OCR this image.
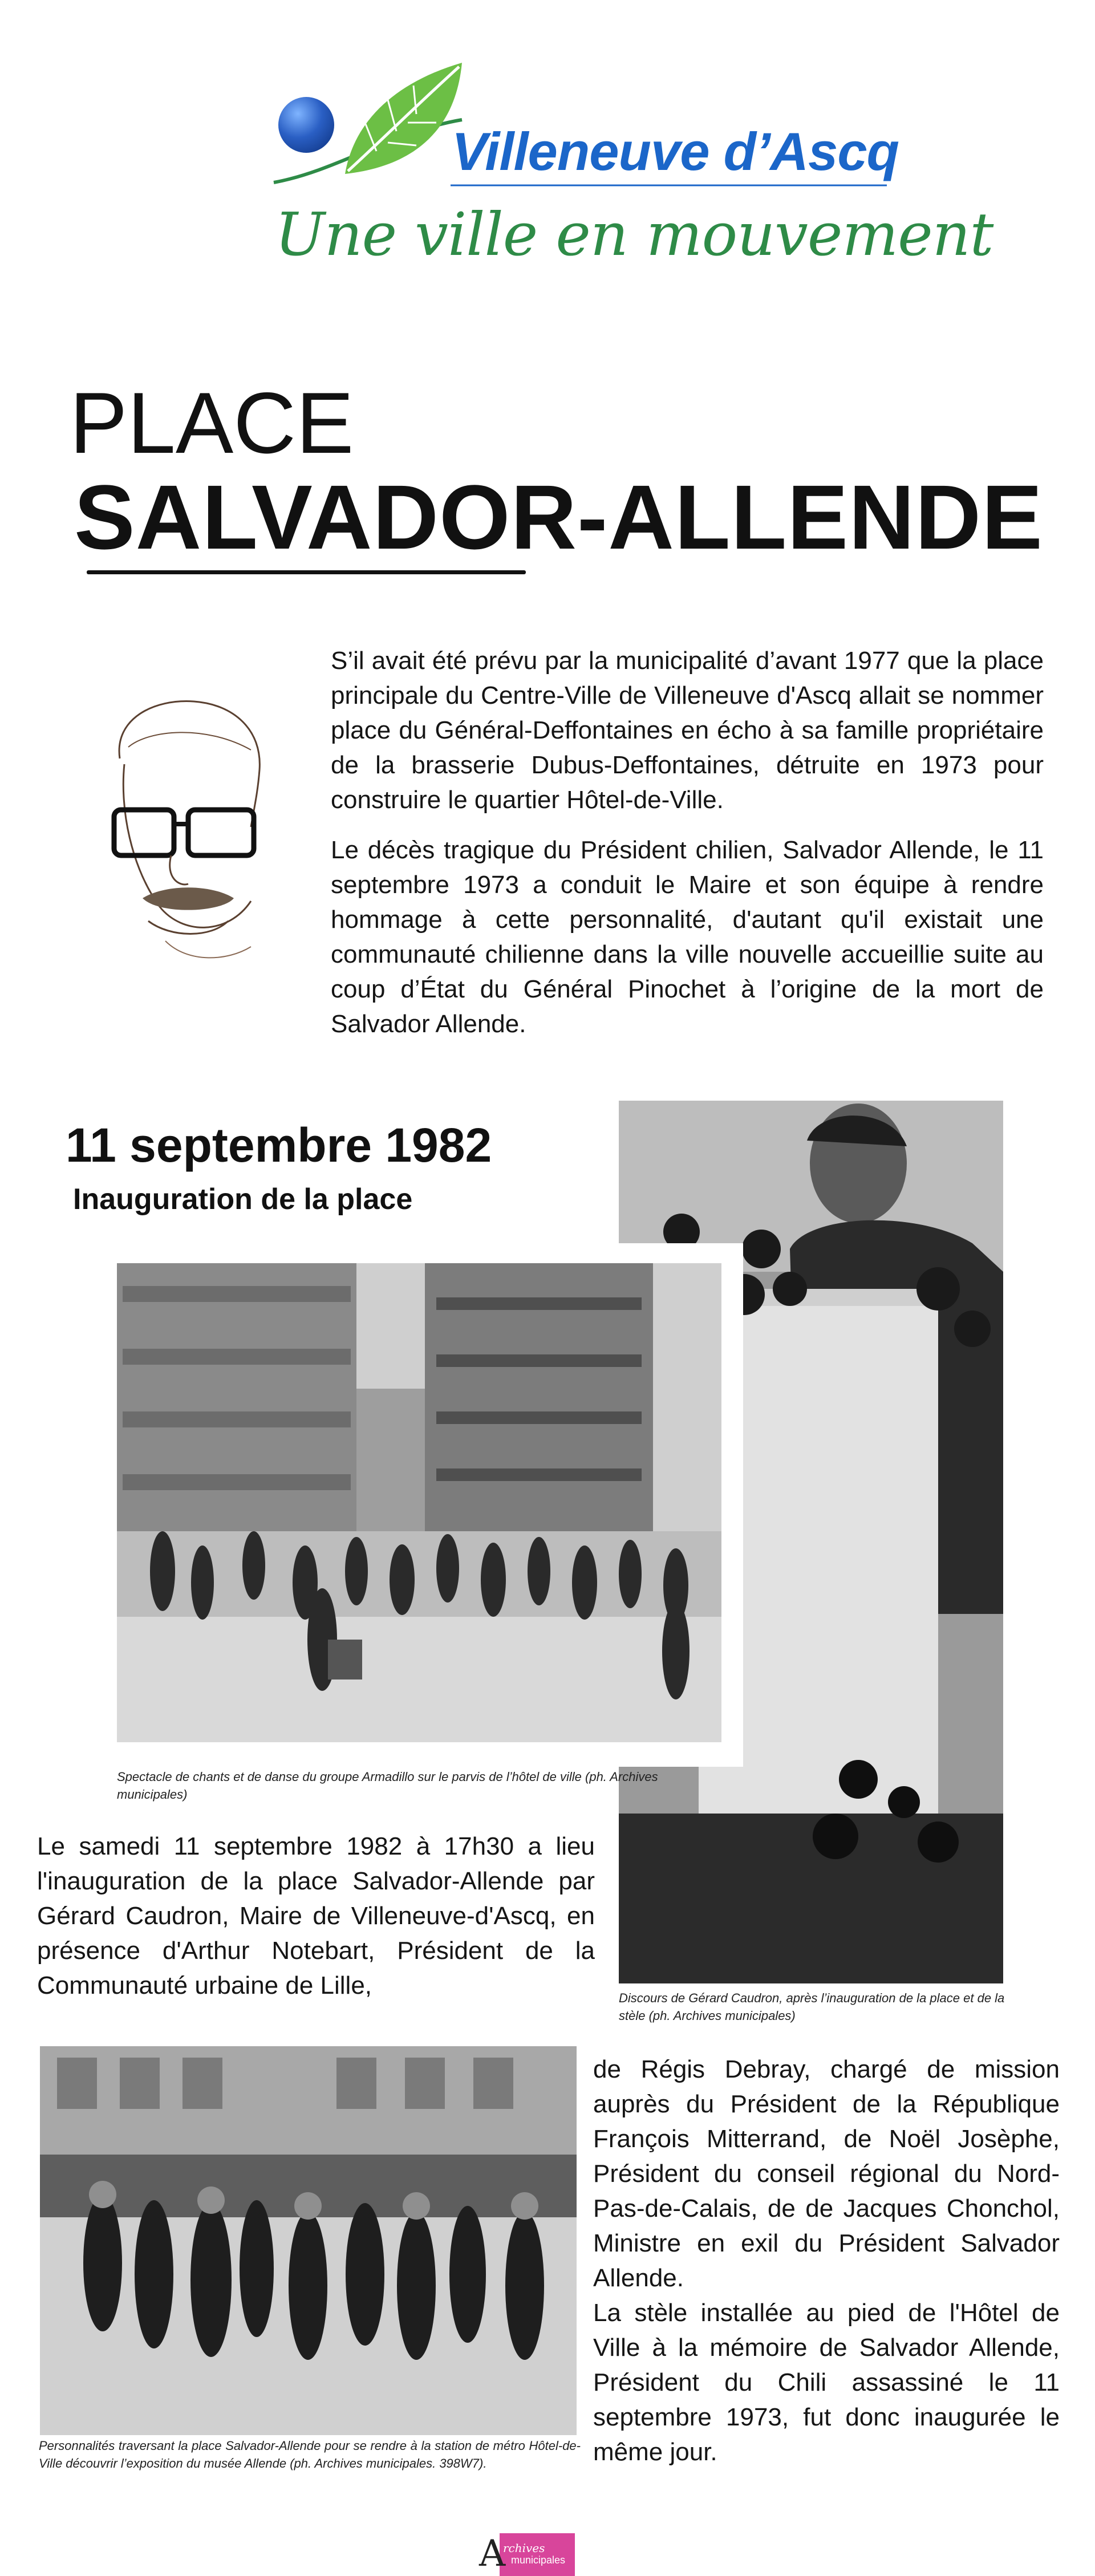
Villeneuve d’Ascq
Une ville en mouvement
PLACE
SALVADOR-ALLENDE
S’il avait été prévu par la municipalité d’avant 1977 que la place principale du Centre-Ville de Villeneuve d'Ascq allait se nommer place du Général-Deffontaines en écho à sa famille propriétaire de la brasserie Dubus-Deffontaines, détruite en 1973 pour construire le quartier Hôtel-de-Ville.
Le décès tragique du Président chilien, Salvador Allende, le 11 septembre 1973 a conduit le Maire et son équipe à rendre hommage à cette personnalité, d'autant qu'il existait une communauté chilienne dans la ville nouvelle accueillie suite au coup d’État du Général Pinochet à l’origine de la mort de Salvador Allende.
11 septembre 1982
Inauguration de la place
Spectacle de chants et de danse du groupe Armadillo sur le parvis de l’hôtel de ville (ph. Archives municipales)
Le samedi 11 septembre 1982 à 17h30 a lieu l'inauguration de la place Salvador-Allende par Gérard Caudron, Maire de Villeneuve-d'Ascq, en présence d'Arthur Notebart, Président de la Communauté urbaine de Lille,	Discours de Gérard Caudron, après l’inauguration de la place et de la stèle (ph. Archives municipales)

de Régis Debray, chargé de mission auprès du Président de la République François Mitterrand, de Noël Josèphe, Président du conseil régional du Nord-Pas-de-Calais, de de Jacques Chonchol, Ministre en exil du Président Salvador Allende.

La stèle installée au pied de l'Hôtel de Ville à la mémoire de Salvador Allende, Président du Chili assassiné le 11 septembre 1973, fut donc inaugurée le même jour.

Personnalités traversant la place Salvador-Allende pour se rendre à la station de métro Hôtel-de-Ville découvrir l’exposition du musée Allende (ph. Archives municipales. 398W7).
A
rchives
municipales
